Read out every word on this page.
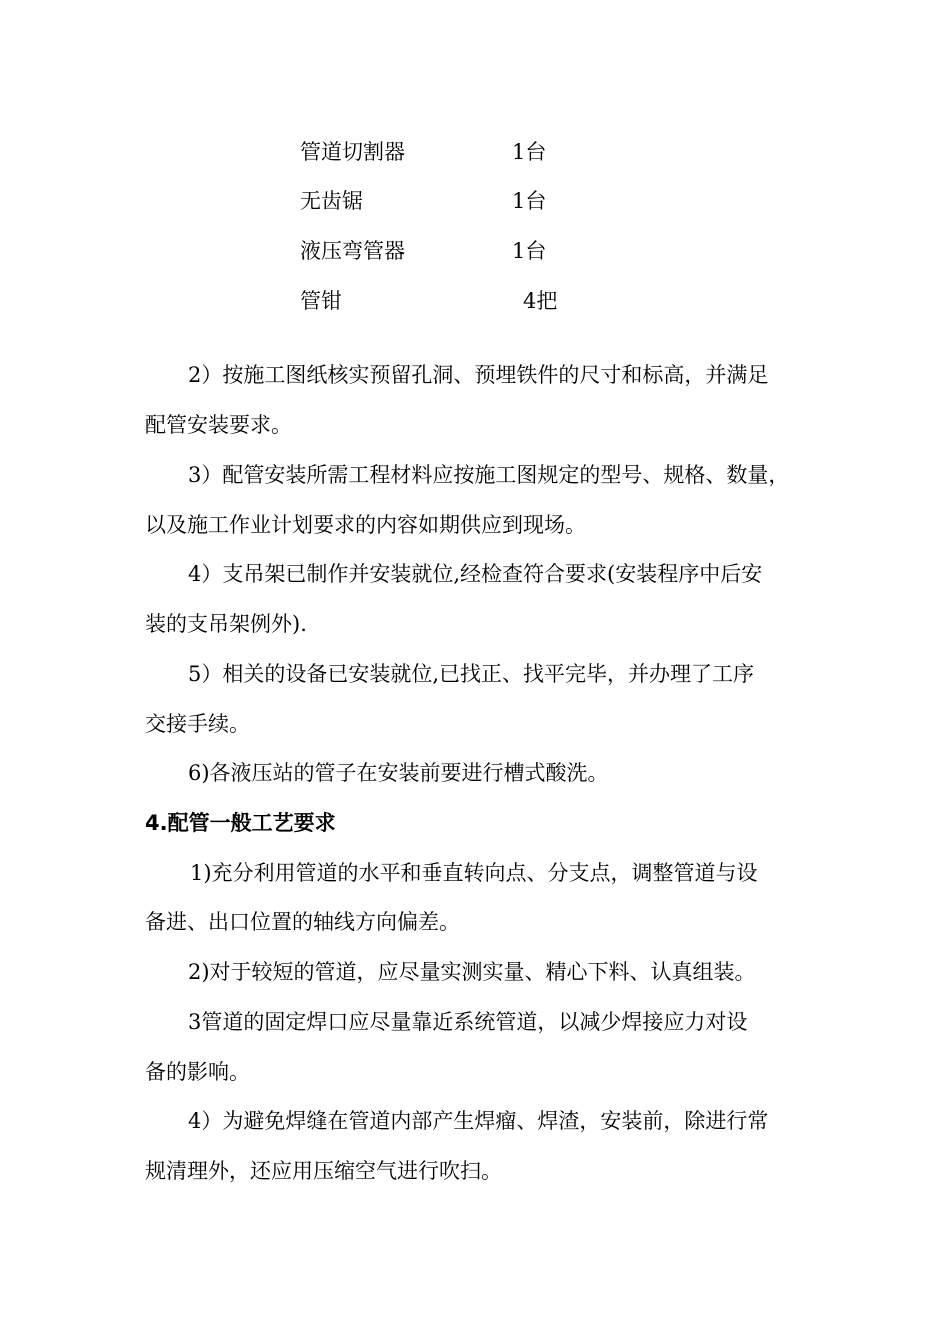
管道切割器	1台
无齿锯	1台
液压弯管器	1台
管钳	4把
2）按施工图纸核实预留孔洞、预埋铁件的尺寸和标高，并满足
配管安装要求。
3）配管安装所需工程材料应按施工图规定的型号、规格、数量，
以及施工作业计划要求的内容如期供应到现场。
4）支吊架已制作并安装就位,经检查符合要求(安装程序中后安
装的支吊架例外).
5）相关的设备已安装就位,已找正、找平完毕，并办理了工序
交接手续。
6)各液压站的管子在安装前要进行槽式酸洗。
4.配管一般工艺要求
1)充分利用管道的水平和垂直转向点、分支点，调整管道与设
备进、出口位置的轴线方向偏差。
2)对于较短的管道，应尽量实测实量、精心下料、认真组装。
3管道的固定焊口应尽量靠近系统管道，以减少焊接应力对设
备的影响。
4）为避免焊缝在管道内部产生焊瘤、焊渣，安装前，除进行常
规清理外，还应用压缩空气进行吹扫。
